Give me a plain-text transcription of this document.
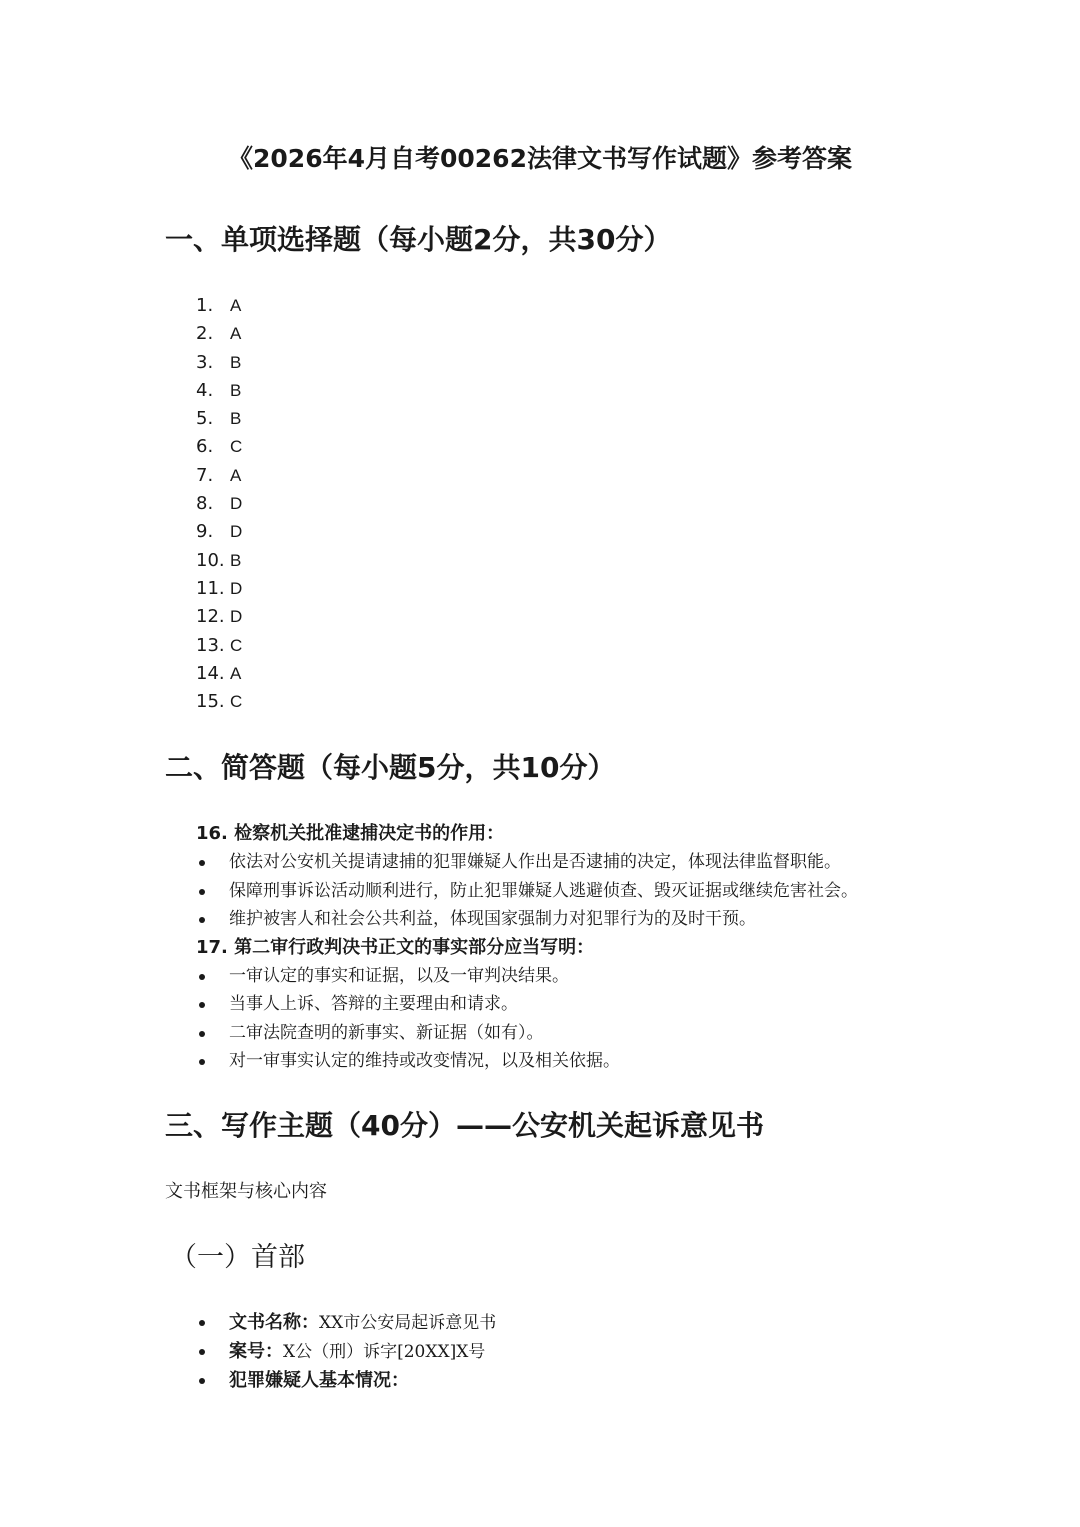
《2026年4月自考00262法律文书写作试题》参考答案
一、单项选择题（每小题2分，共30分）
1. A
2. A
3. B
4. B
5. B
6. C
7. A
8. D
9. D
10. B
11. D
12. D
13. C
14. A
15. C
二、简答题（每小题5分，共10分）
16. 检察机关批准逮捕决定书的作用：
依法对公安机关提请逮捕的犯罪嫌疑人作出是否逮捕的决定，体现法律监督职能。
保障刑事诉讼活动顺利进行，防止犯罪嫌疑人逃避侦查、毁灭证据或继续危害社会。
维护被害人和社会公共利益，体现国家强制力对犯罪行为的及时干预。
17. 第二审行政判决书正文的事实部分应当写明：
一审认定的事实和证据，以及一审判决结果。
当事人上诉、答辩的主要理由和请求。
二审法院查明的新事实、新证据（如有）。
对一审事实认定的维持或改变情况，以及相关依据。
三、写作主题（40分）——公安机关起诉意见书
文书框架与核心内容
（一）首部
文书名称：XX市公安局起诉意见书
案号：X公（刑）诉字[20XX]X号
犯罪嫌疑人基本情况：
